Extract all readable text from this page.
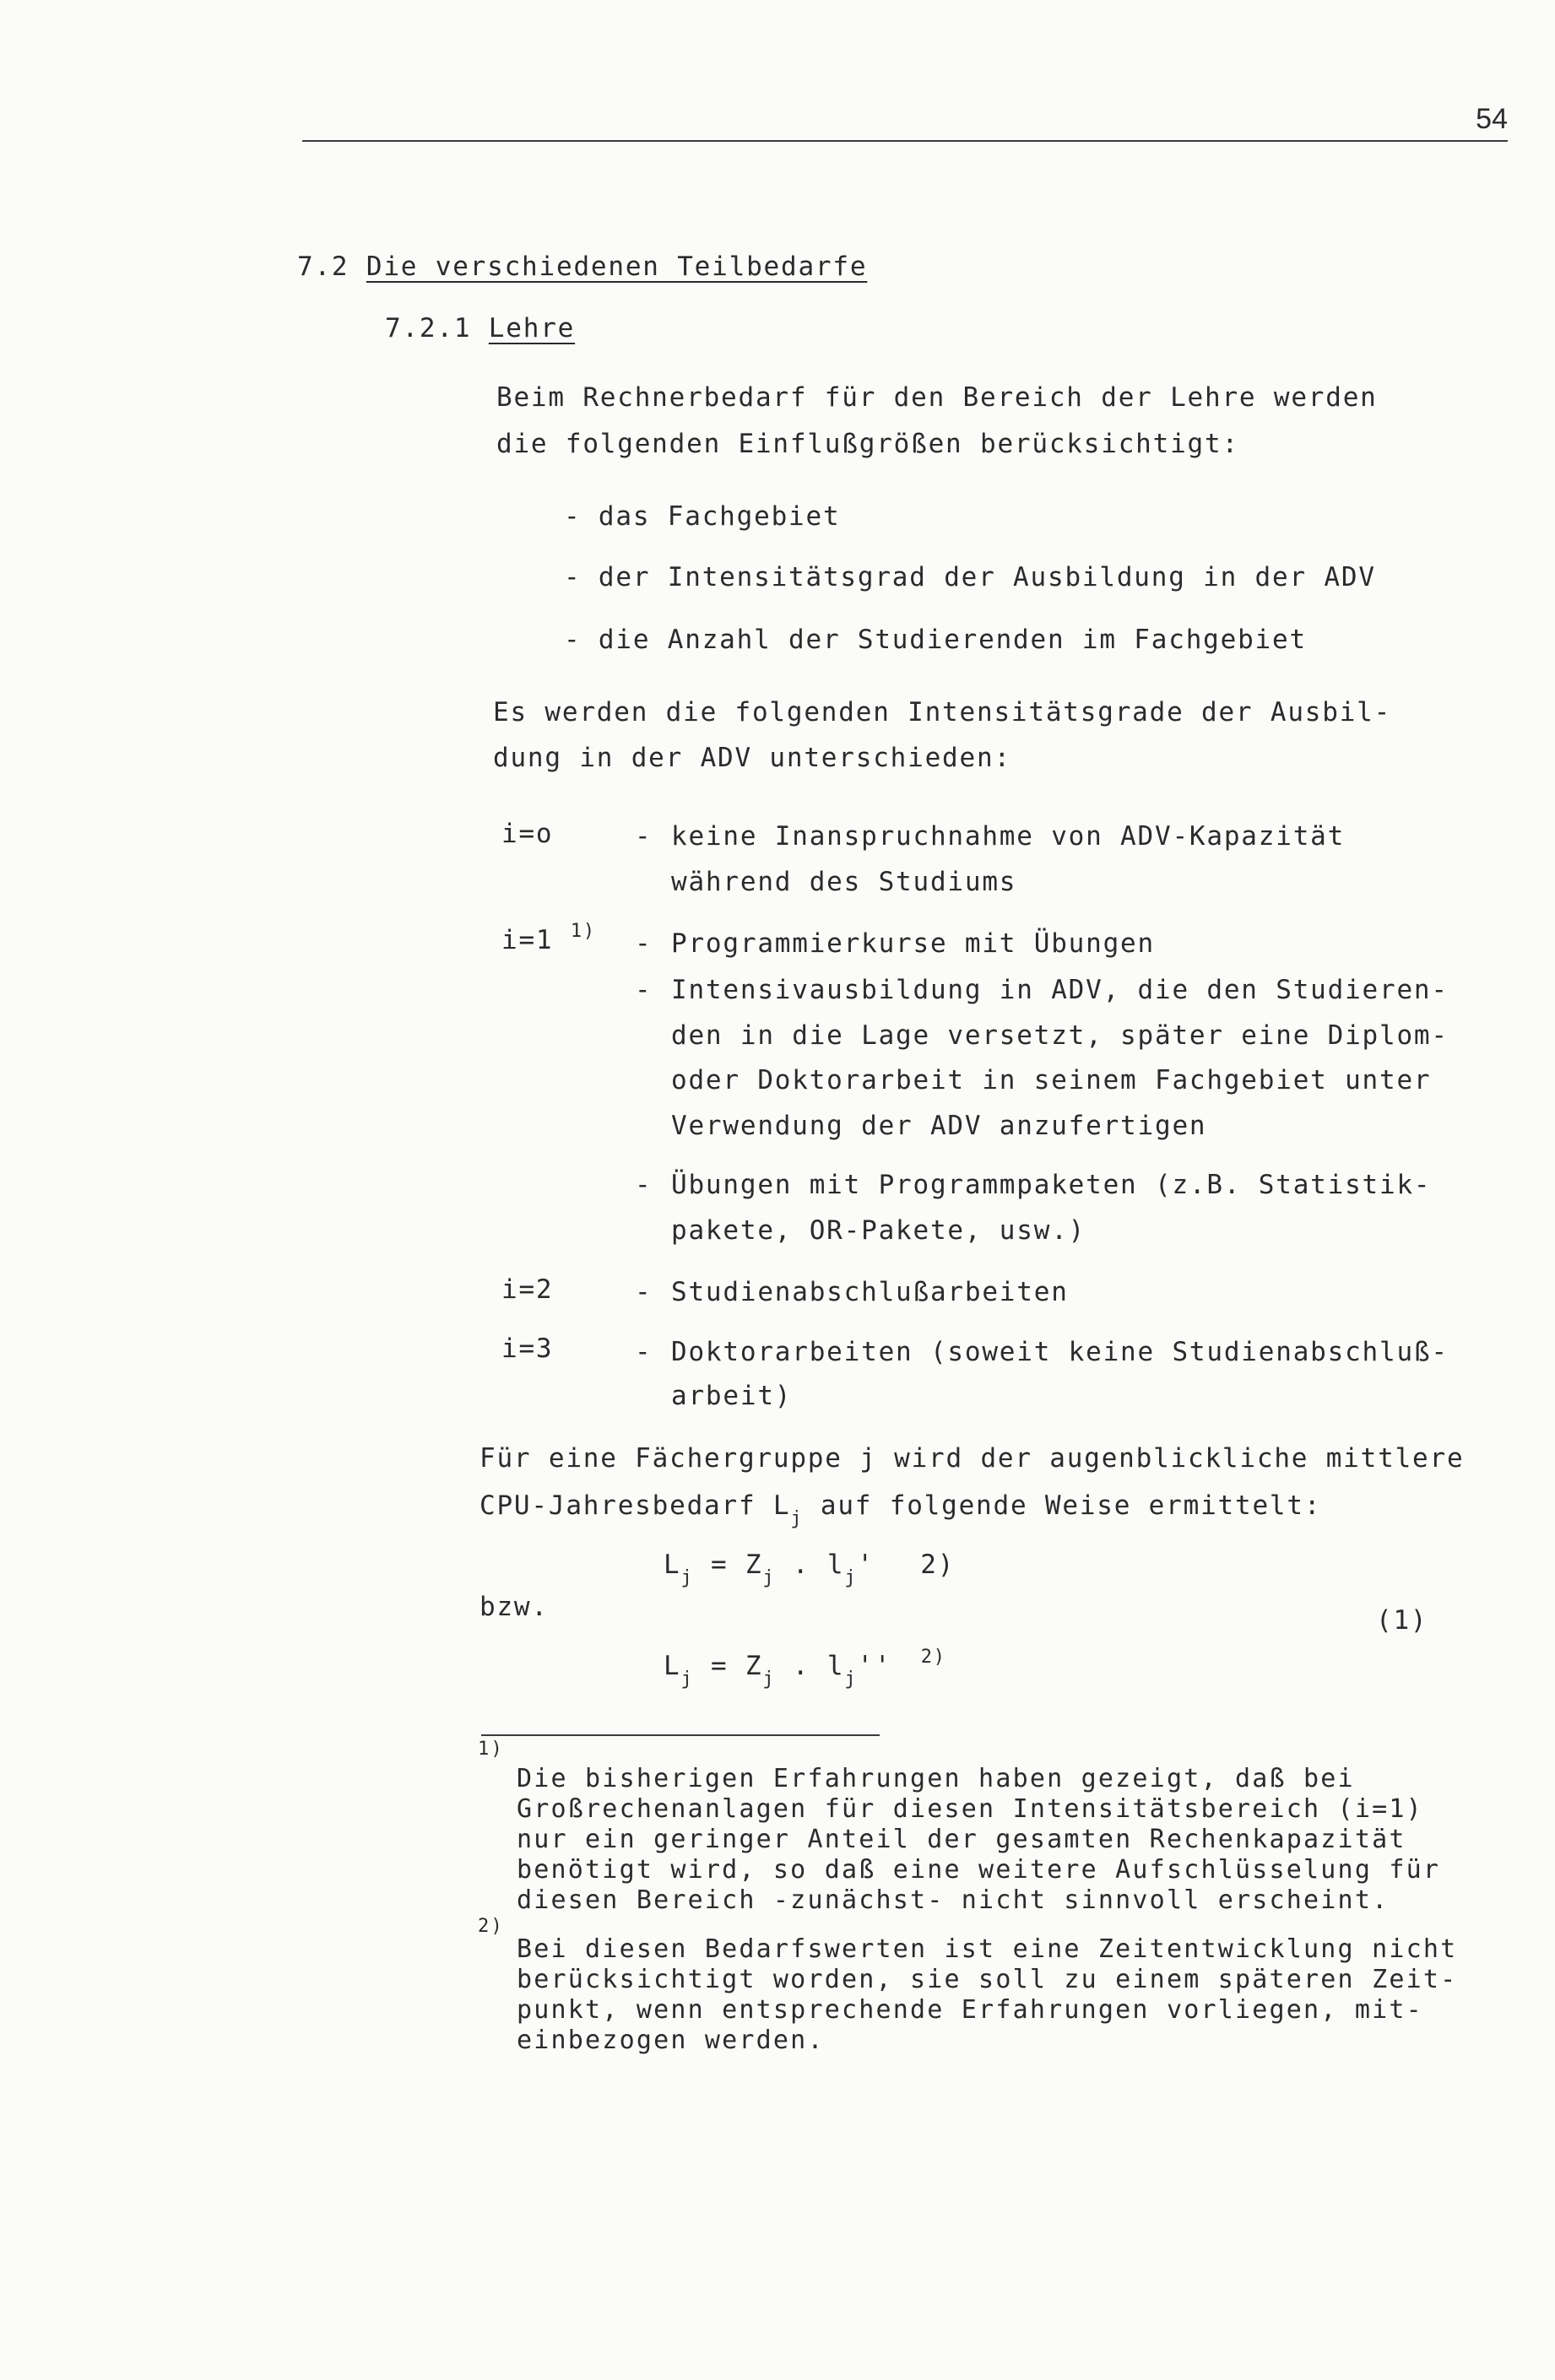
54
7.2 Die verschiedenen Teilbedarfe
7.2.1 Lehre
Beim Rechnerbedarf für den Bereich der Lehre werden
die folgenden Einflußgrößen berücksichtigt:
- das Fachgebiet
- der Intensitätsgrad der Ausbildung in der ADV
- die Anzahl der Studierenden im Fachgebiet
Es werden die folgenden Intensitätsgrade der Ausbil-
dung in der ADV unterschieden:
i=o	- keine Inanspruchnahme von ADV-Kapazität
während des Studiums
i=1 $^{1)}$ - Programmierkurse mit Übungen
- Intensivausbildung in ADV, die den Studieren-
den in die Lage versetzt, später eine Diplom-
oder Doktorarbeit in seinem Fachgebiet unter
Verwendung der ADV anzufertigen
- Übungen mit Programmpaketen (z.B. Statistik-
pakete, OR-Pakete, usw.)
i=2	- Studienabschlußarbeiten
i=3	- Doktorarbeiten (soweit keine Studienabschluß-
arbeit)
Für eine Fächergruppe j wird der augenblickliche mittlere
CPU-Jahresbedarf $L_j$ auf folgende Weise ermittelt:
$L_j = Z_j$ . $l_j'$ 2)
bzw.	(1)
$L_j = Z_j$ . $l_j''$ $^{2)}$
$^{1)}$
Die bisherigen Erfahrungen haben gezeigt, daß bei
Großrechenanlagen für diesen Intensitätsbereich (i=1)
nur ein geringer Anteil der gesamten Rechenkapazität
benötigt wird, so daß eine weitere Aufschlüsselung für
diesen Bereich -zunächst- nicht sinnvoll erscheint.
$^{2)}$
Bei diesen Bedarfswerten ist eine Zeitentwicklung nicht
berücksichtigt worden, sie soll zu einem späteren Zeit-
punkt, wenn entsprechende Erfahrungen vorliegen, mit-
einbezogen werden.
